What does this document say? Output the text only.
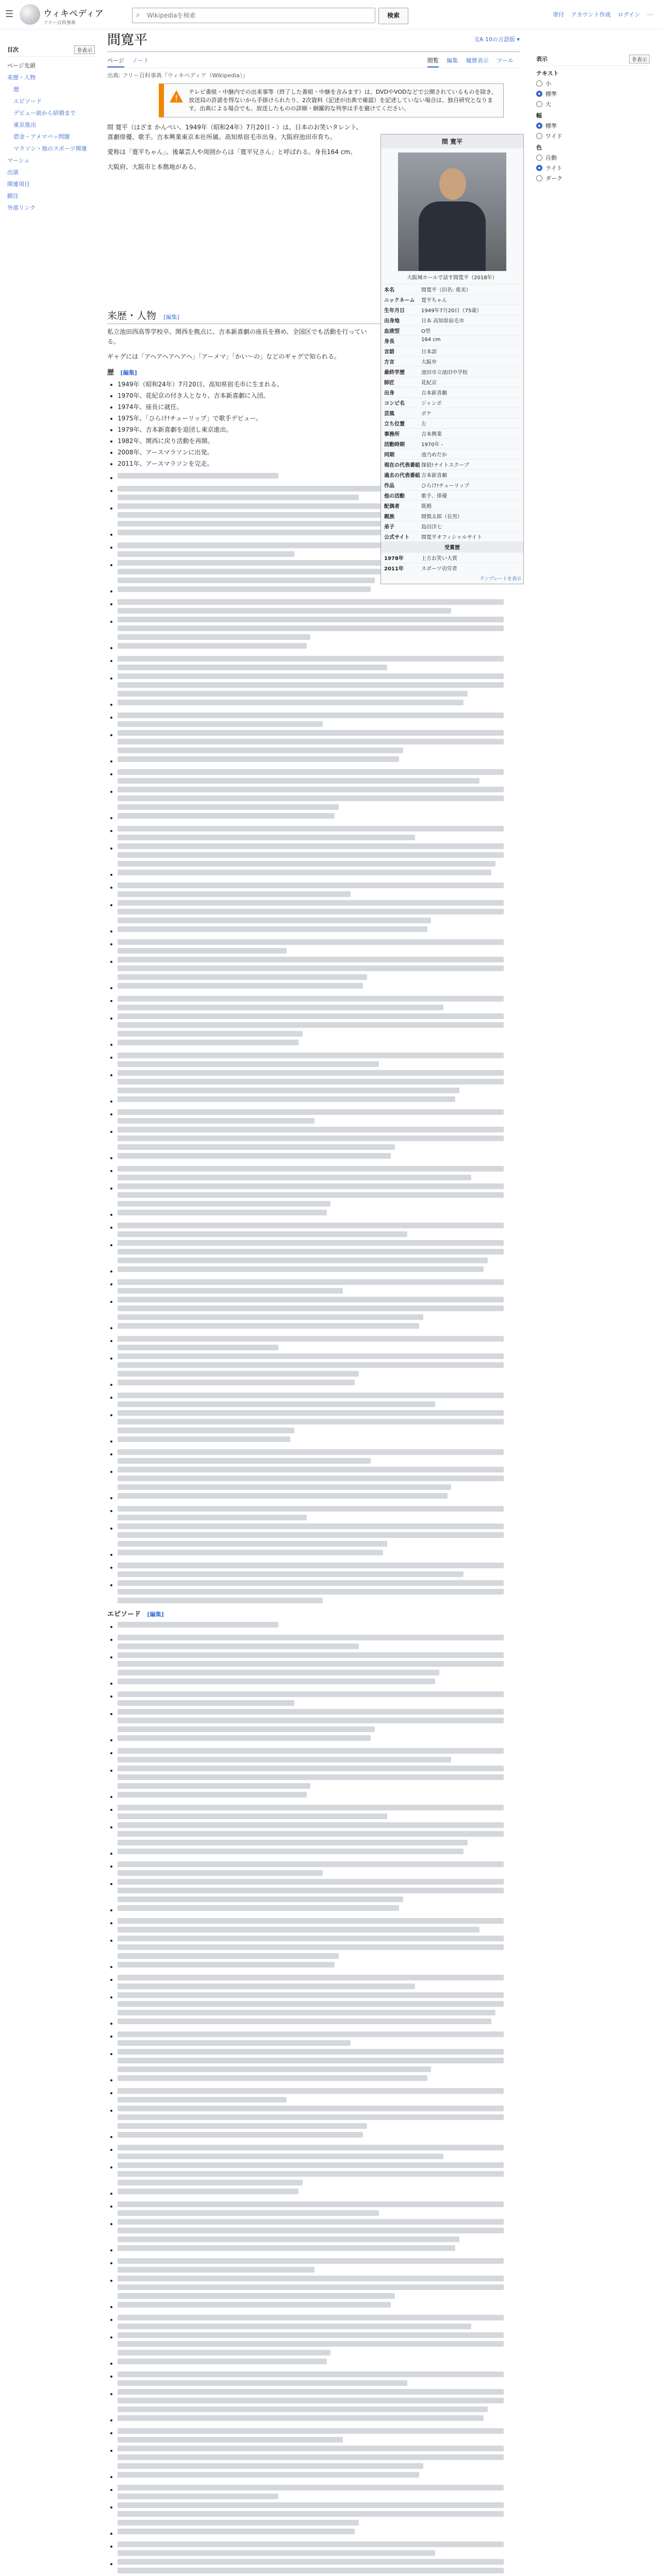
☰	ウィキペディア
フリー百科事典
⌕
Wikipediaを検索	検索	寄付 アカウント作成 ログイン ⋯
目次	非表示
ページ先頭
来歴・人物
歴
エピソード
デビュー前から結婚まで
東京進出
借金・アメマバッ問題
マラソン・他のスポーツ関連
マーシュ
出演
関連項目
脚注
外部リンク
間寛平	文A 10の言語版 ▾
ページ ノート	閲覧 編集 履歴表示 ツール
出典: フリー百科事典『ウィキペディア（Wikipedia）』
!
テレビ番組・中継内での出来事等（終了した番組・中継を含みます）は、DVDやVODなどで公開されているものを除き、放送局の許諾を得ないから手掛けられたり、2次資料（記述が出典で確認）を記述していない場合は、独自研究となります。出典による場合でも、放送したものの詳細・網羅的な列挙は手を避けてください。

間 寛平（はざま かんぺい、1949年（昭和24年）7月20日 - ）は、日本のお笑いタレント、喜劇俳優、歌手。吉本興業東京本社所属。高知県宿毛市出身。大阪府池田市育ち。

愛称は「寛平ちゃん」。後輩芸人や周囲からは「寛平兄さん」と呼ばれる。身長164 cm。

大阪府、大阪市と本拠地がある。

来歴・人物 [編集]

私立池田西高等学校卒。関西を拠点に、吉本新喜劇の座長を務め、全国区でも活動を行っている。

ギャグには「アヘアヘアヘアヘ」「アーメマ」「かい～の」などのギャグで知られる。

歴 [編集]
• 1949年（昭和24年）7月20日、高知県宿毛市に生まれる。
• 1970年、花紀京の付き人となり、吉本新喜劇に入団。
• 1974年、座長に就任。
• 1975年、「ひらけ!チューリップ」で歌手デビュー。
• 1979年、吉本新喜劇を退団し東京進出。
• 1982年、関西に戻り活動を再開。
• 2008年、アースマラソンに出発。
• 2011年、アースマラソンを完走。
•
•
•
•
•
•
•
•
•
•
•
•
•
•
•
•
•
•
•
•
•
•
•
•
•
•
•
•
•
•
•
•
•
•
•
•
•
•
•
•
•
•
•
•
•
•
•
•
•
•
•
•
•
•
•
•
•
•
•
•
エピソード [編集]
•
•
•
•
•
•
•
•
•
•
•
•
•
•
•
•
•
•
•
•
•
•
•
•
•
•
•
•
•
•
•
•
•
•
•
•
•
•
•
•
•
•
•
•
•
•
•
•
•
•
•
間 寛平
大阪城ホールで話す間寛平（2018年）
本名	間寛平（旧名: 重美）
ニックネーム	寛平ちゃん
生年月日	1949年7月20日（75歳）
出身地	日本 高知県宿毛市
血液型	O型
身長	164 cm
言語	日本語
方言	大阪弁
最終学歴	池田市立池田中学校
師匠	花紀京
出身	吉本新喜劇
コンビ名	ジャンボ
芸風	ボケ
立ち位置	左
事務所	吉本興業
活動時期	1970年 -
同期	池乃めだか
現在の代表番組 探偵!ナイトスクープ
過去の代表番組 吉本新喜劇
作品	ひらけ!チューリップ
他の活動	歌手、俳優
配偶者	既婚
親族	間慎太郎（長男）
弟子	島田洋七
公式サイト	間寛平オフィシャルサイト
受賞歴
1978年	上方お笑い大賞
2011年	スポーツ功労者
テンプレートを表示
表示	非表示
テキスト
小
標準
大
幅
標準
ワイド
色
自動
ライト
ダーク
